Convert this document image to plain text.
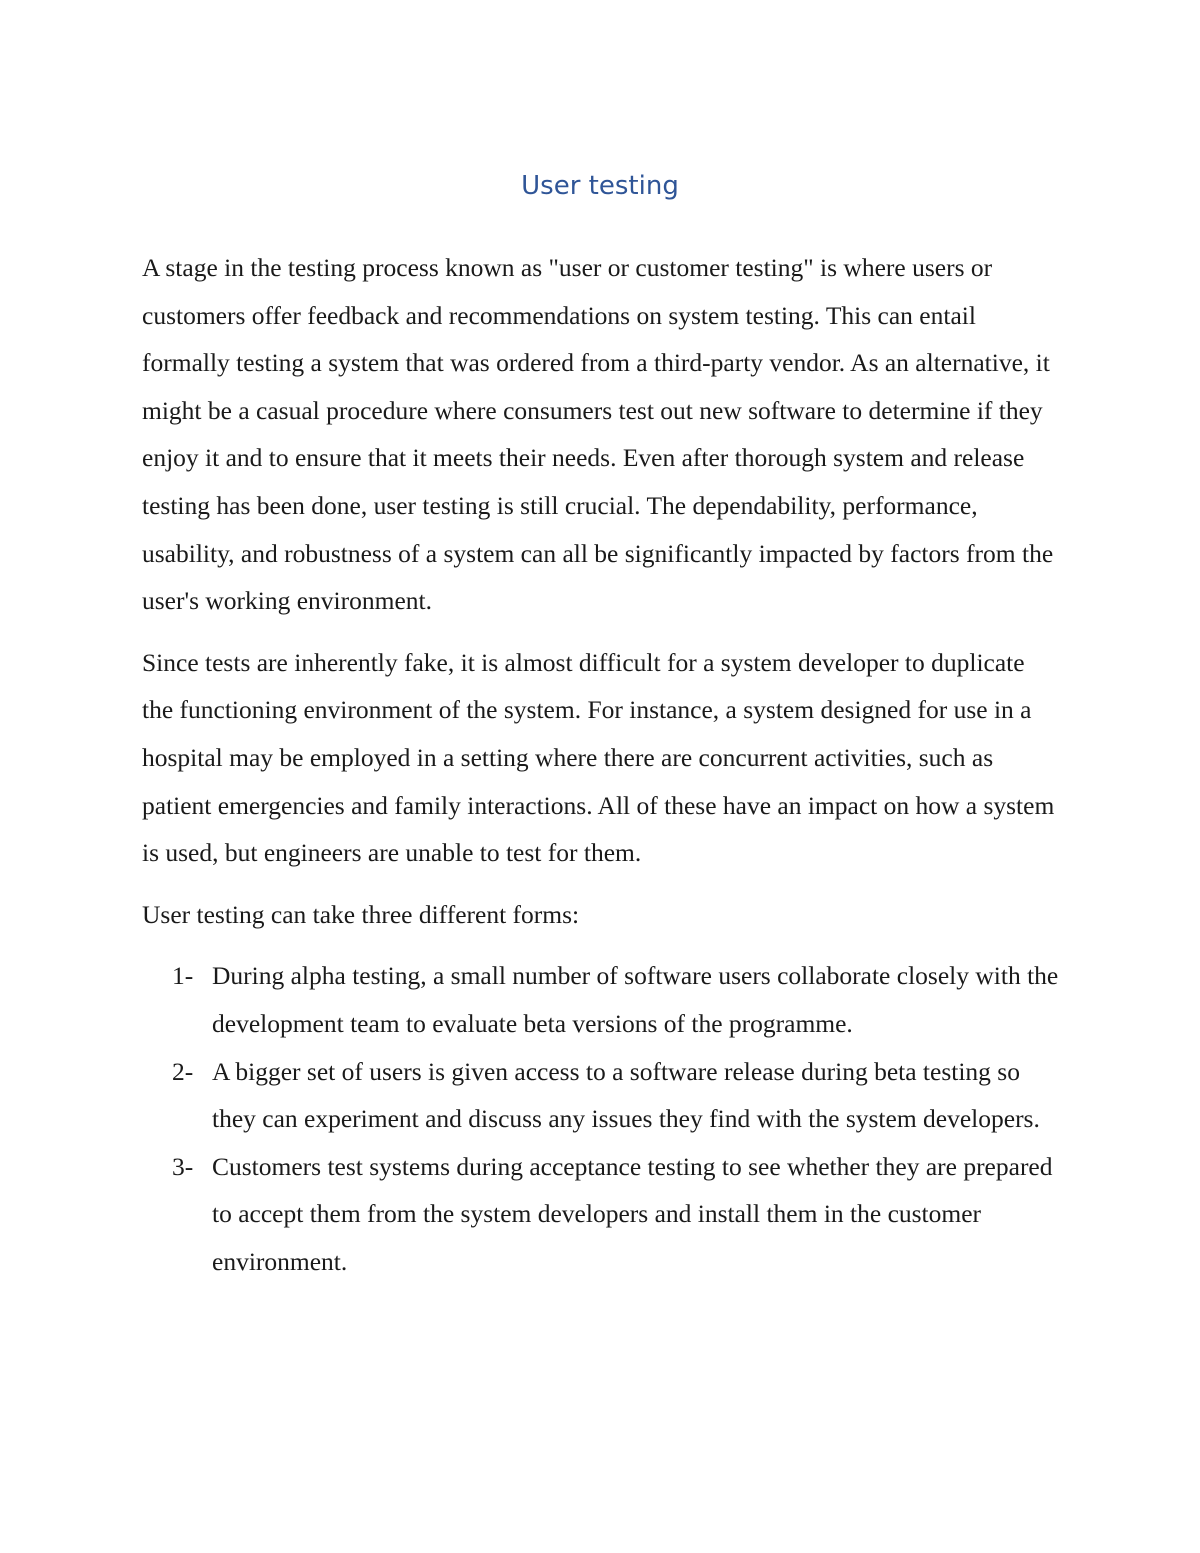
User testing

A stage in the testing process known as "user or customer testing" is where users or customers offer feedback and recommendations on system testing. This can entail formally testing a system that was ordered from a third-party vendor. As an alternative, it might be a casual procedure where consumers test out new software to determine if they enjoy it and to ensure that it meets their needs. Even after thorough system and release testing has been done, user testing is still crucial. The dependability, performance, usability, and robustness of a system can all be significantly impacted by factors from the user's working environment.

Since tests are inherently fake, it is almost difficult for a system developer to duplicate the functioning environment of the system. For instance, a system designed for use in a hospital may be employed in a setting where there are concurrent activities, such as patient emergencies and family interactions. All of these have an impact on how a system is used, but engineers are unable to test for them.

User testing can take three different forms:

1- During alpha testing, a small number of software users collaborate closely with the development team to evaluate beta versions of the programme.
2- A bigger set of users is given access to a software release during beta testing so they can experiment and discuss any issues they find with the system developers.
3- Customers test systems during acceptance testing to see whether they are prepared to accept them from the system developers and install them in the customer environment.
